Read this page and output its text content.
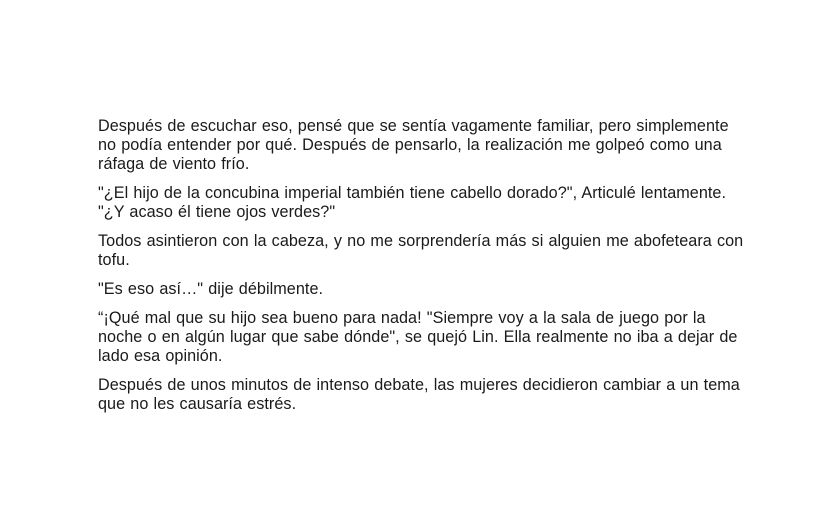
Después de escuchar eso, pensé que se sentía vagamente familiar, pero simplemente
no podía entender por qué. Después de pensarlo, la realización me golpeó como una
ráfaga de viento frío.

"¿El hijo de la concubina imperial también tiene cabello dorado?", Articulé lentamente.
"¿Y acaso él tiene ojos verdes?"

Todos asintieron con la cabeza, y no me sorprendería más si alguien me abofeteara con
tofu.

"Es eso así…" dije débilmente.

“¡Qué mal que su hijo sea bueno para nada! "Siempre voy a la sala de juego por la
noche o en algún lugar que sabe dónde", se quejó Lin. Ella realmente no iba a dejar de
lado esa opinión.

Después de unos minutos de intenso debate, las mujeres decidieron cambiar a un tema
que no les causaría estrés.
